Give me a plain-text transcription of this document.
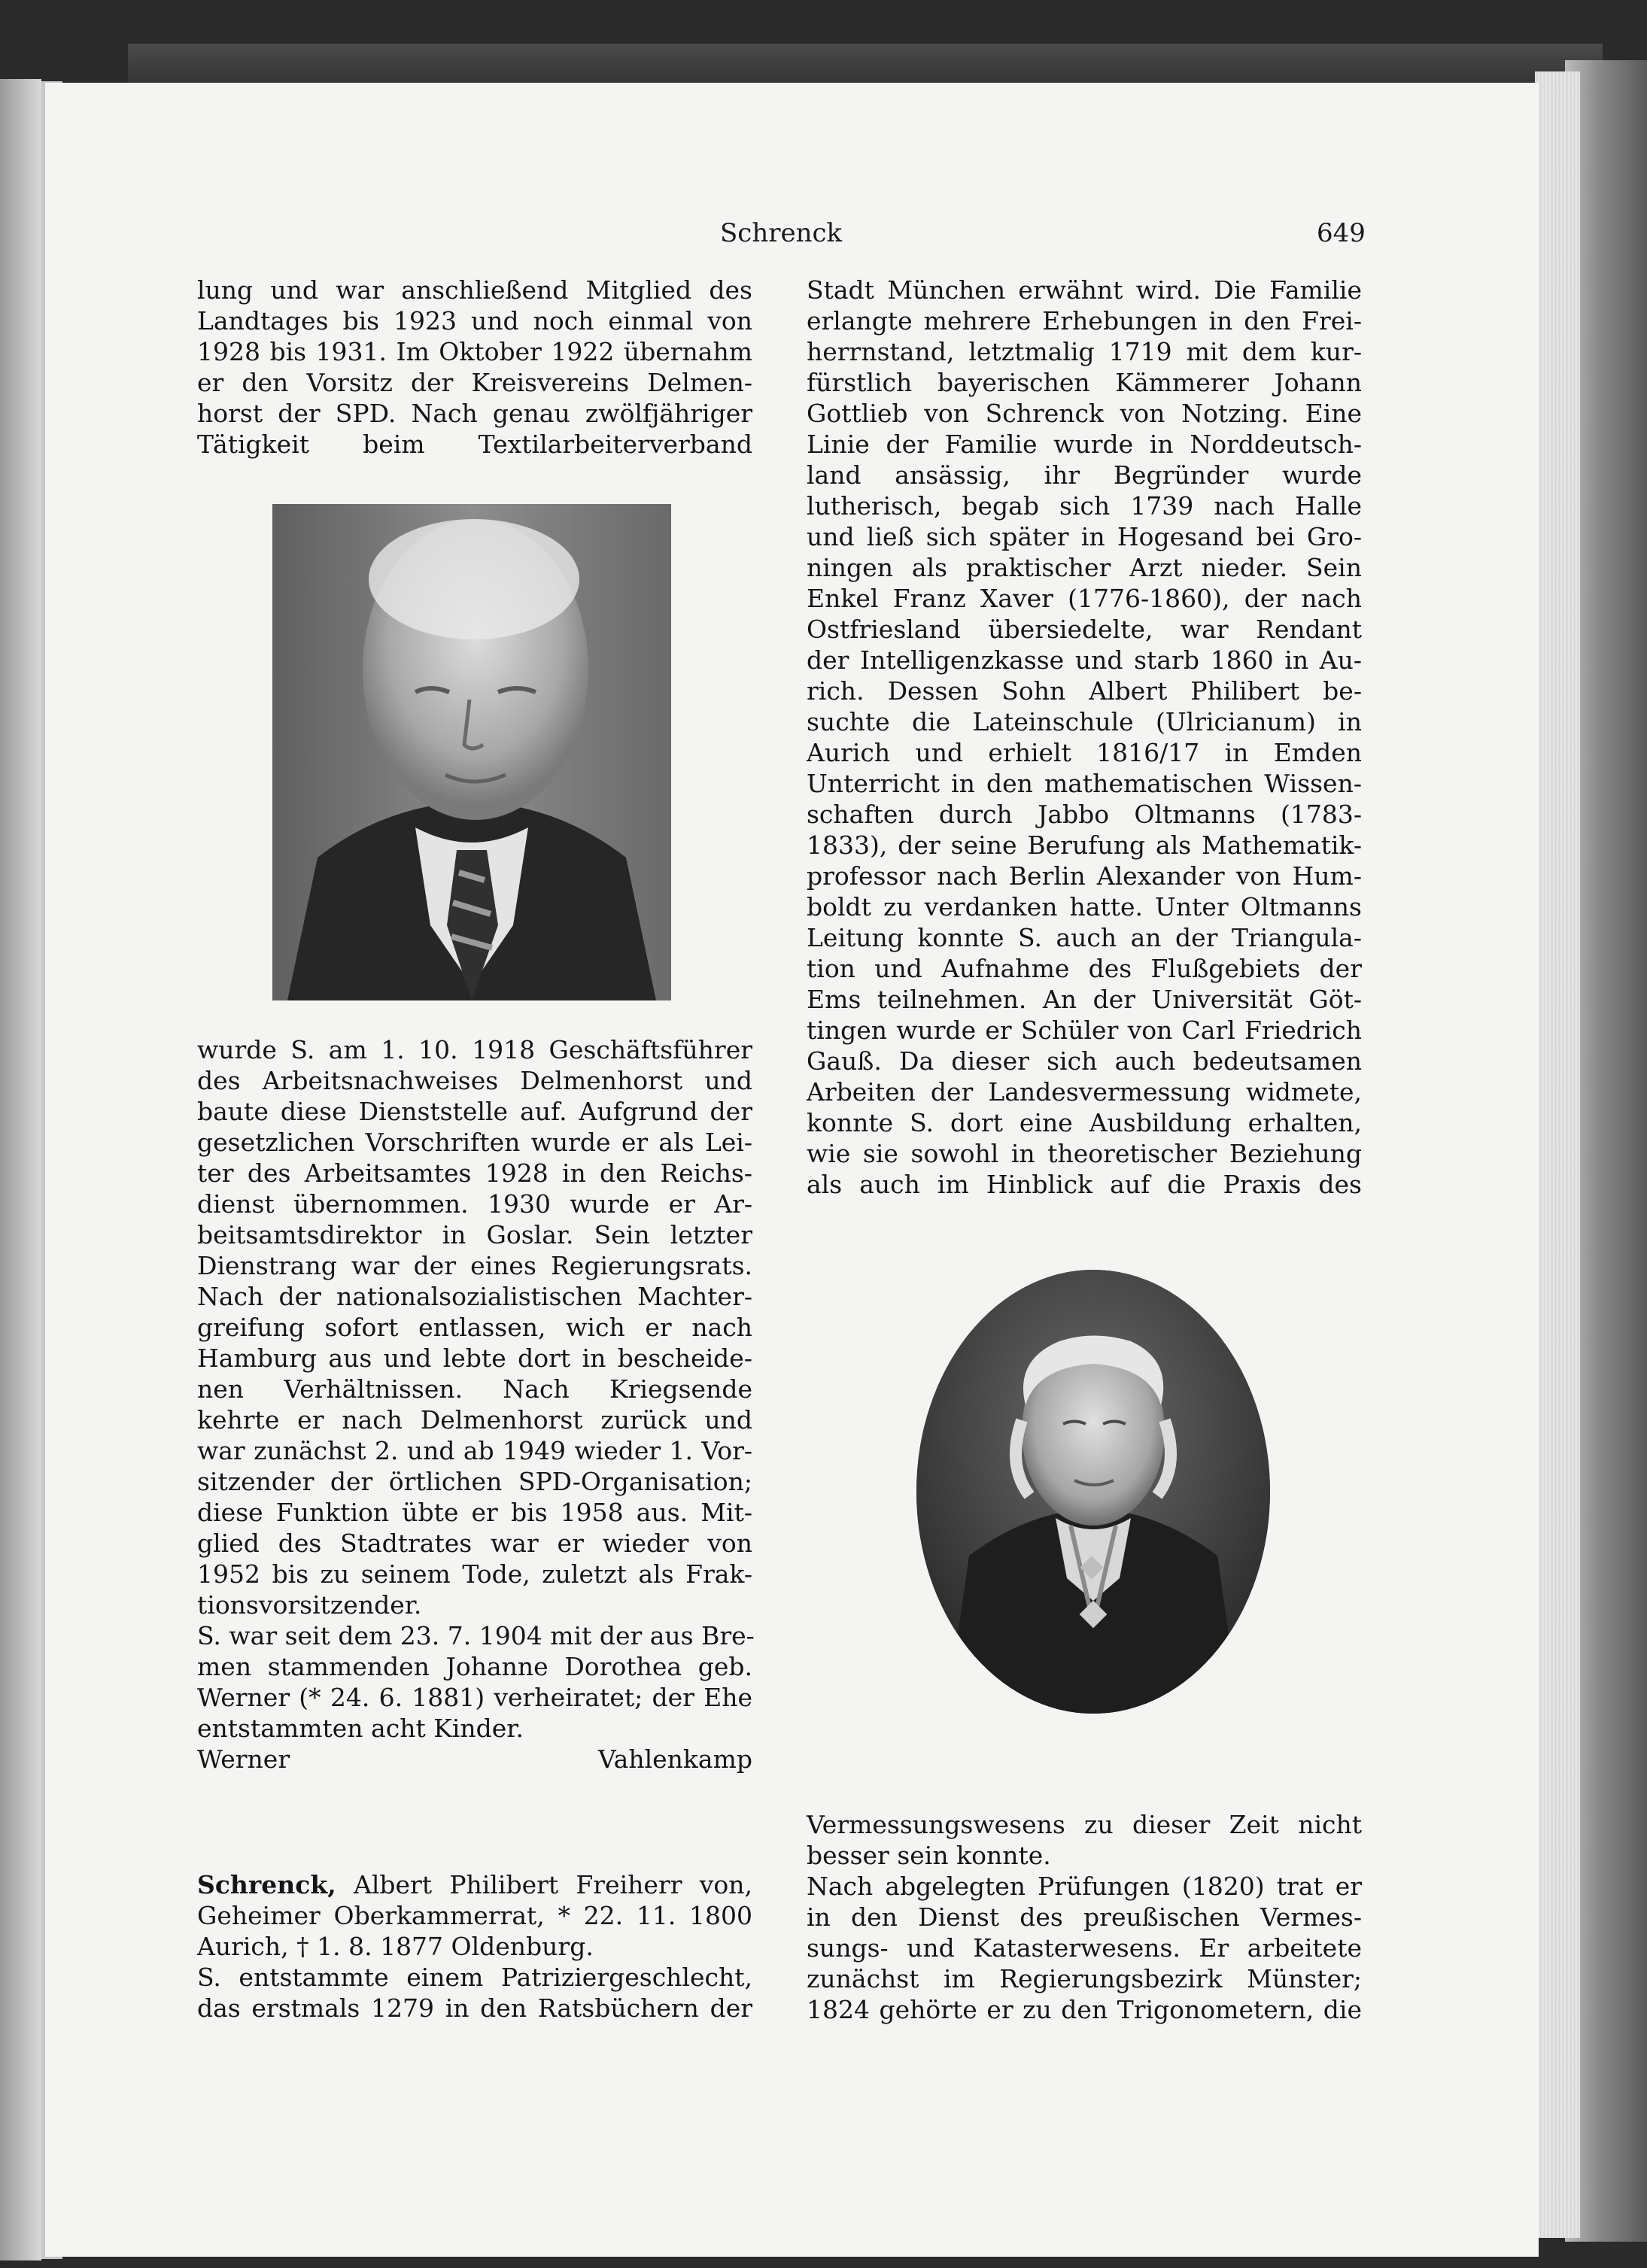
Schrenck	649
lung und war anschließend Mitglied des
Landtages bis 1923 und noch einmal von
1928 bis 1931. Im Oktober 1922 übernahm
er den Vorsitz der Kreisvereins Delmen-
horst der SPD. Nach genau zwölfjähriger
Tätigkeit beim Textilarbeiterverband
wurde S. am 1. 10. 1918 Geschäftsführer
des Arbeitsnachweises Delmenhorst und
baute diese Dienststelle auf. Aufgrund der
gesetzlichen Vorschriften wurde er als Lei-
ter des Arbeitsamtes 1928 in den Reichs-
dienst übernommen. 1930 wurde er Ar-
beitsamtsdirektor in Goslar. Sein letzter
Dienstrang war der eines Regierungsrats.
Nach der nationalsozialistischen Machter-
greifung sofort entlassen, wich er nach
Hamburg aus und lebte dort in bescheide-
nen Verhältnissen. Nach Kriegsende
kehrte er nach Delmenhorst zurück und
war zunächst 2. und ab 1949 wieder 1. Vor-
sitzender der örtlichen SPD-Organisation;
diese Funktion übte er bis 1958 aus. Mit-
glied des Stadtrates war er wieder von
1952 bis zu seinem Tode, zuletzt als Frak-
tionsvorsitzender.
S. war seit dem 23. 7. 1904 mit der aus Bre-
men stammenden Johanne Dorothea geb.
Werner (* 24. 6. 1881) verheiratet; der Ehe
entstammten acht Kinder.
Werner Vahlenkamp
Schrenck, Albert Philibert Freiherr von,
Geheimer Oberkammerrat, * 22. 11. 1800
Aurich, † 1. 8. 1877 Oldenburg.
S. entstammte einem Patriziergeschlecht,
das erstmals 1279 in den Ratsbüchern der
Stadt München erwähnt wird. Die Familie
erlangte mehrere Erhebungen in den Frei-
herrnstand, letztmalig 1719 mit dem kur-
fürstlich bayerischen Kämmerer Johann
Gottlieb von Schrenck von Notzing. Eine
Linie der Familie wurde in Norddeutsch-
land ansässig, ihr Begründer wurde
lutherisch, begab sich 1739 nach Halle
und ließ sich später in Hogesand bei Gro-
ningen als praktischer Arzt nieder. Sein
Enkel Franz Xaver (1776-1860), der nach
Ostfriesland übersiedelte, war Rendant
der Intelligenzkasse und starb 1860 in Au-
rich. Dessen Sohn Albert Philibert be-
suchte die Lateinschule (Ulricianum) in
Aurich und erhielt 1816/17 in Emden
Unterricht in den mathematischen Wissen-
schaften durch Jabbo Oltmanns (1783-
1833), der seine Berufung als Mathematik-
professor nach Berlin Alexander von Hum-
boldt zu verdanken hatte. Unter Oltmanns
Leitung konnte S. auch an der Triangula-
tion und Aufnahme des Flußgebiets der
Ems teilnehmen. An der Universität Göt-
tingen wurde er Schüler von Carl Friedrich
Gauß. Da dieser sich auch bedeutsamen
Arbeiten der Landesvermessung widmete,
konnte S. dort eine Ausbildung erhalten,
wie sie sowohl in theoretischer Beziehung
als auch im Hinblick auf die Praxis des
Vermessungswesens zu dieser Zeit nicht
besser sein konnte.
Nach abgelegten Prüfungen (1820) trat er
in den Dienst des preußischen Vermes-
sungs- und Katasterwesens. Er arbeitete
zunächst im Regierungsbezirk Münster;
1824 gehörte er zu den Trigonometern, die
